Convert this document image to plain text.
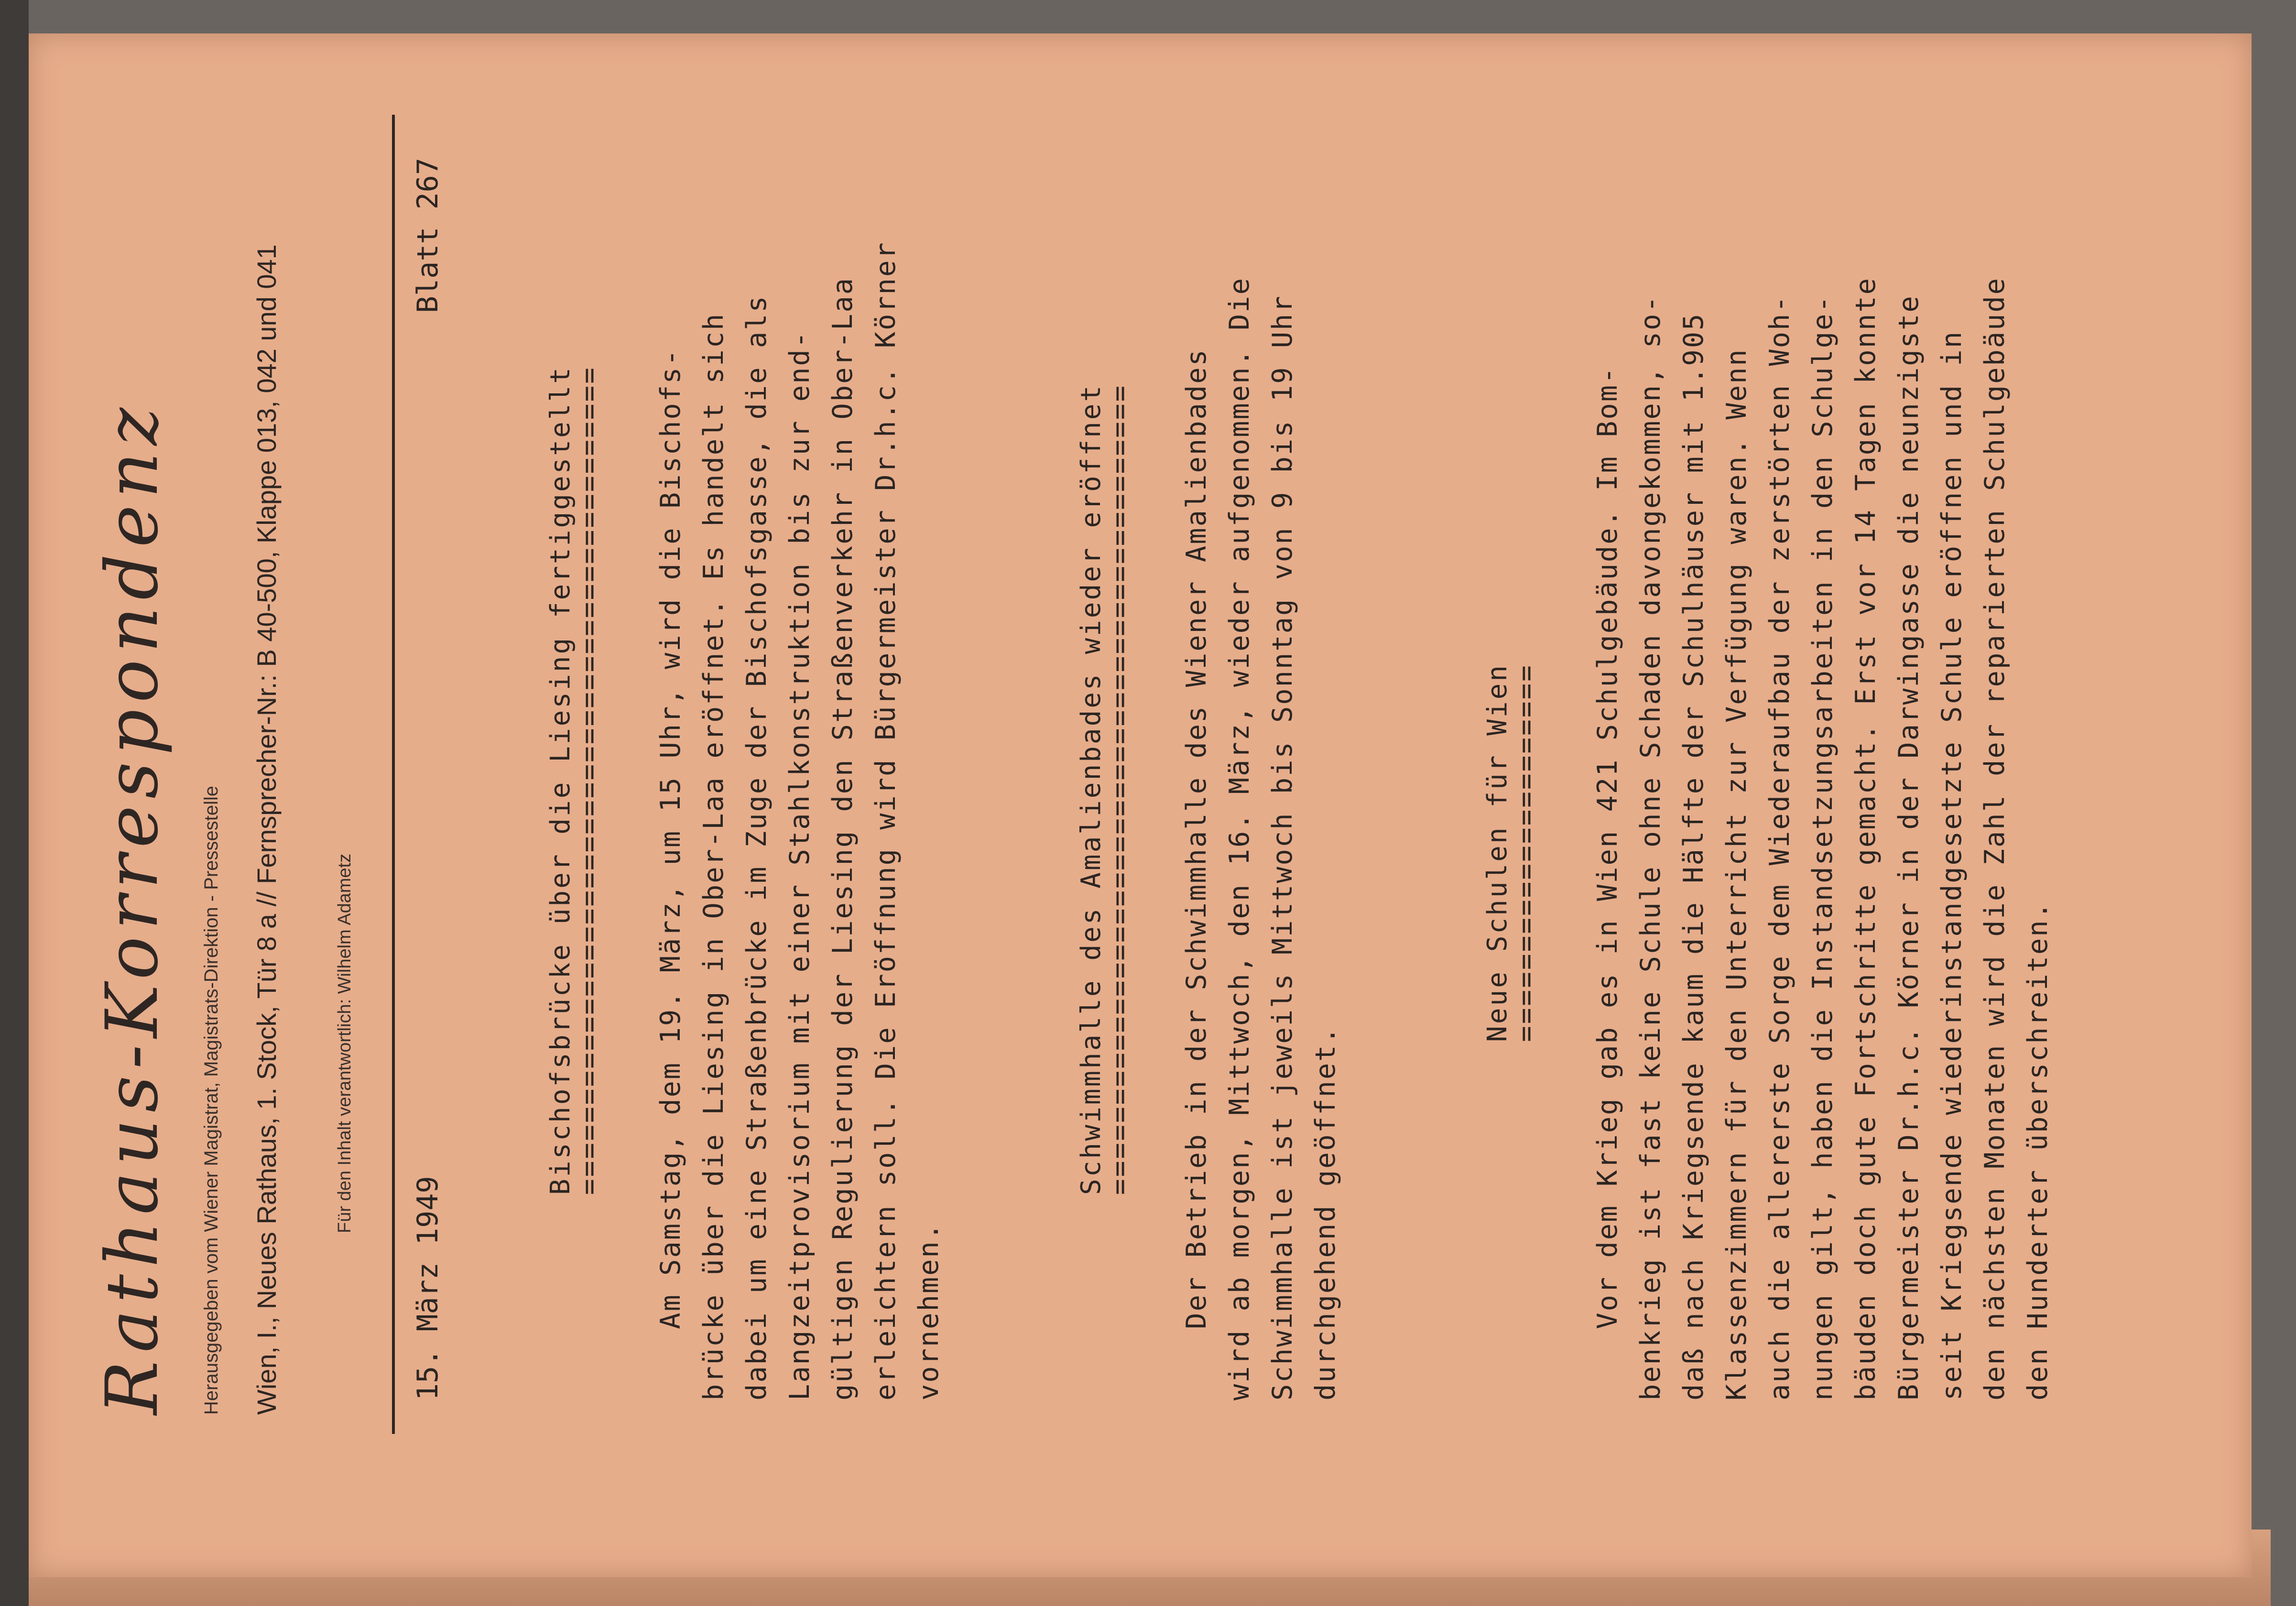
Rathaus-Korrespondenz Herausgegeben vom Wiener Magistrat, Magistrats-Direktion - Pressestelle Wien, I., Neues Rathaus, 1. Stock, Tür 8 a // Fernsprecher-Nr.: B 40-500, Klappe 013, 042 und 041	Für den Inhalt verantwortlich: Wilhelm Adametz
15. März 1949
Blatt 267
Bischofsbrücke über die Liesing fertiggestellt
============================================== Am Samstag, dem 19. März, um 15 Uhr, wird die Bischofs- brücke über die Liesing in Ober-Laa eröffnet. Es handelt sich dabei um eine Straßenbrücke im Zuge der Bischofsgasse, die als Langzeitprovisorium mit einer Stahlkonstruktion bis zur end- gültigen Regulierung der Liesing den Straßenverkehr in Ober-Laa erleichtern soll. Die Eröffnung wird Bürgermeister Dr.h.c. Körner vornehmen.
Schwimmhalle des Amalienbades wieder eröffnet
============================================= Der Betrieb in der Schwimmhalle des Wiener Amalienbades wird ab morgen, Mittwoch, den 16. März, wieder aufgenommen. Die Schwimmhalle ist jeweils Mittwoch bis Sonntag von 9 bis 19 Uhr durchgehend geöffnet.
Neue Schulen für Wien
===================== Vor dem Krieg gab es in Wien 421 Schulgebäude. Im Bom- benkrieg ist fast keine Schule ohne Schaden davongekommen, so- daß nach Kriegsende kaum die Hälfte der Schulhäuser mit 1.905 Klassenzimmern für den Unterricht zur Verfügung waren. Wenn auch die allererste Sorge dem Wiederaufbau der zerstörten Woh- nungen gilt, haben die Instandsetzungsarbeiten in den Schulge- bäuden doch gute Fortschritte gemacht. Erst vor 14 Tagen konnte Bürgermeister Dr.h.c. Körner in der Darwingasse die neunzigste seit Kriegsende wiederinstandgesetzte Schule eröffnen und in den nächsten Monaten wird die Zahl der reparierten Schulgebäude den Hunderter überschreiten.
